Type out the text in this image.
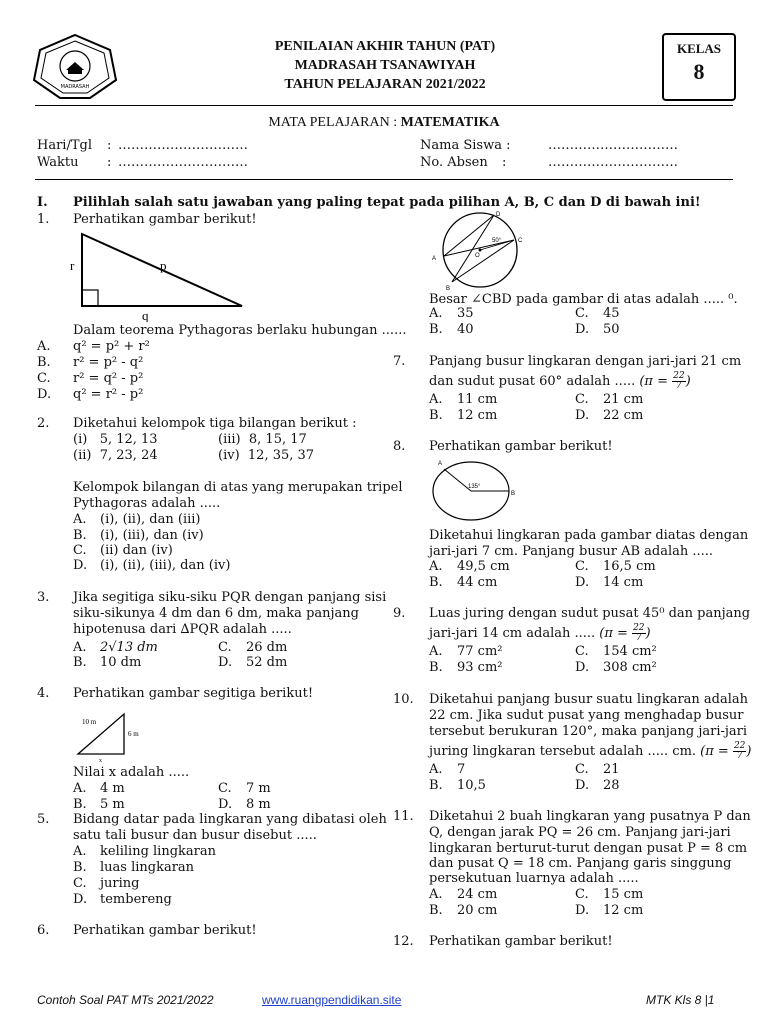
MADRASAH
PENILAIAN AKHIR TAHUN (PAT)
MADRASAH TSANAWIYAH
TAHUN PELAJARAN 2021/2022
KELAS
8
MATA PELAJARAN : MATEMATIKA
Hari/Tgl : …………………………
Waktu : …………………………
Nama Siswa :	…………………………
No. Absen :	…………………………
I. Pilihlah salah satu jawaban yang paling tepat pada pilihan A, B, C dan D di bawah ini!
1. Perhatikan gambar berikut!
r	p
q
Dalam teorema Pythagoras berlaku hubungan ......
A. q² = p² + r²
B. r² = p² - q²
C. r² = q² - p²
D. q² = r² - p²
2. Diketahui kelompok tiga bilangan berikut :
(i)   5, 12, 13	(iii)  8, 15, 17
(ii)  7, 23, 24	(iv)  12, 35, 37
Kelompok bilangan di atas yang merupakan tripel
Pythagoras adalah .....
A. (i), (ii), dan (iii)
B. (i), (iii), dan (iv)
C. (ii) dan (iv)
D. (i), (ii), (iii), dan (iv)
3. Jika segitiga siku-siku PQR dengan panjang sisi
siku-sikunya 4 dm dan 6 dm, maka panjang
hipotenusa dari ∆PQR adalah .....
A. 2√13 dm	C. 26 dm
B. 10 dm	D. 52 dm
4. Perhatikan gambar segitiga berikut!
10 m
6 m
x
Nilai x adalah .....
A. 4 m	C. 7 m
B. 5 m	D. 8 m
5. Bidang datar pada lingkaran yang dibatasi oleh
satu tali busur dan busur disebut .....
A. keliling lingkaran
B. luas lingkaran
C. juring
D. tembereng
6. Perhatikan gambar berikut!
A
B
C
D
O
50°
Besar ∠CBD pada gambar di atas adalah ..... ⁰.
A. 35	C. 45
B. 40	D. 50
7. Panjang busur lingkaran dengan jari-jari 21 cm
dan sudut pusat 60° adalah ..... ($\pi = \frac{22}{7}$ )
A. 11 cm	C. 21 cm
B. 12 cm	D. 22 cm
8. Perhatikan gambar berikut!
A
B
135°
Diketahui lingkaran pada gambar diatas dengan
jari-jari 7 cm. Panjang busur AB adalah .....
A. 49,5 cm	C. 16,5 cm
B. 44 cm	D. 14 cm
9. Luas juring dengan sudut pusat 45⁰ dan panjang
jari-jari 14 cm adalah ..... ($\pi = \frac{22}{7}$ )
A. 77 cm²	C. 154 cm²
B. 93 cm²	D. 308 cm²
10. Diketahui panjang busur suatu lingkaran adalah
22 cm. Jika sudut pusat yang menghadap busur
tersebut berukuran 120°, maka panjang jari-jari
juring lingkaran tersebut adalah ..... cm. ($\pi = \frac{22}{7}$ )
A. 7	C. 21
B. 10,5	D. 28
11. Diketahui 2 buah lingkaran yang pusatnya P dan
Q, dengan jarak PQ = 26 cm. Panjang jari-jari
lingkaran berturut-turut dengan pusat P = 8 cm
dan pusat Q = 18 cm. Panjang garis singgung
persekutuan luarnya adalah .....
A. 24 cm	C. 15 cm
B. 20 cm	D. 12 cm
12. Perhatikan gambar berikut!
Contoh Soal PAT MTs 2021/2022	www.ruangpendidikan.site	MTK Kls 8 |1
